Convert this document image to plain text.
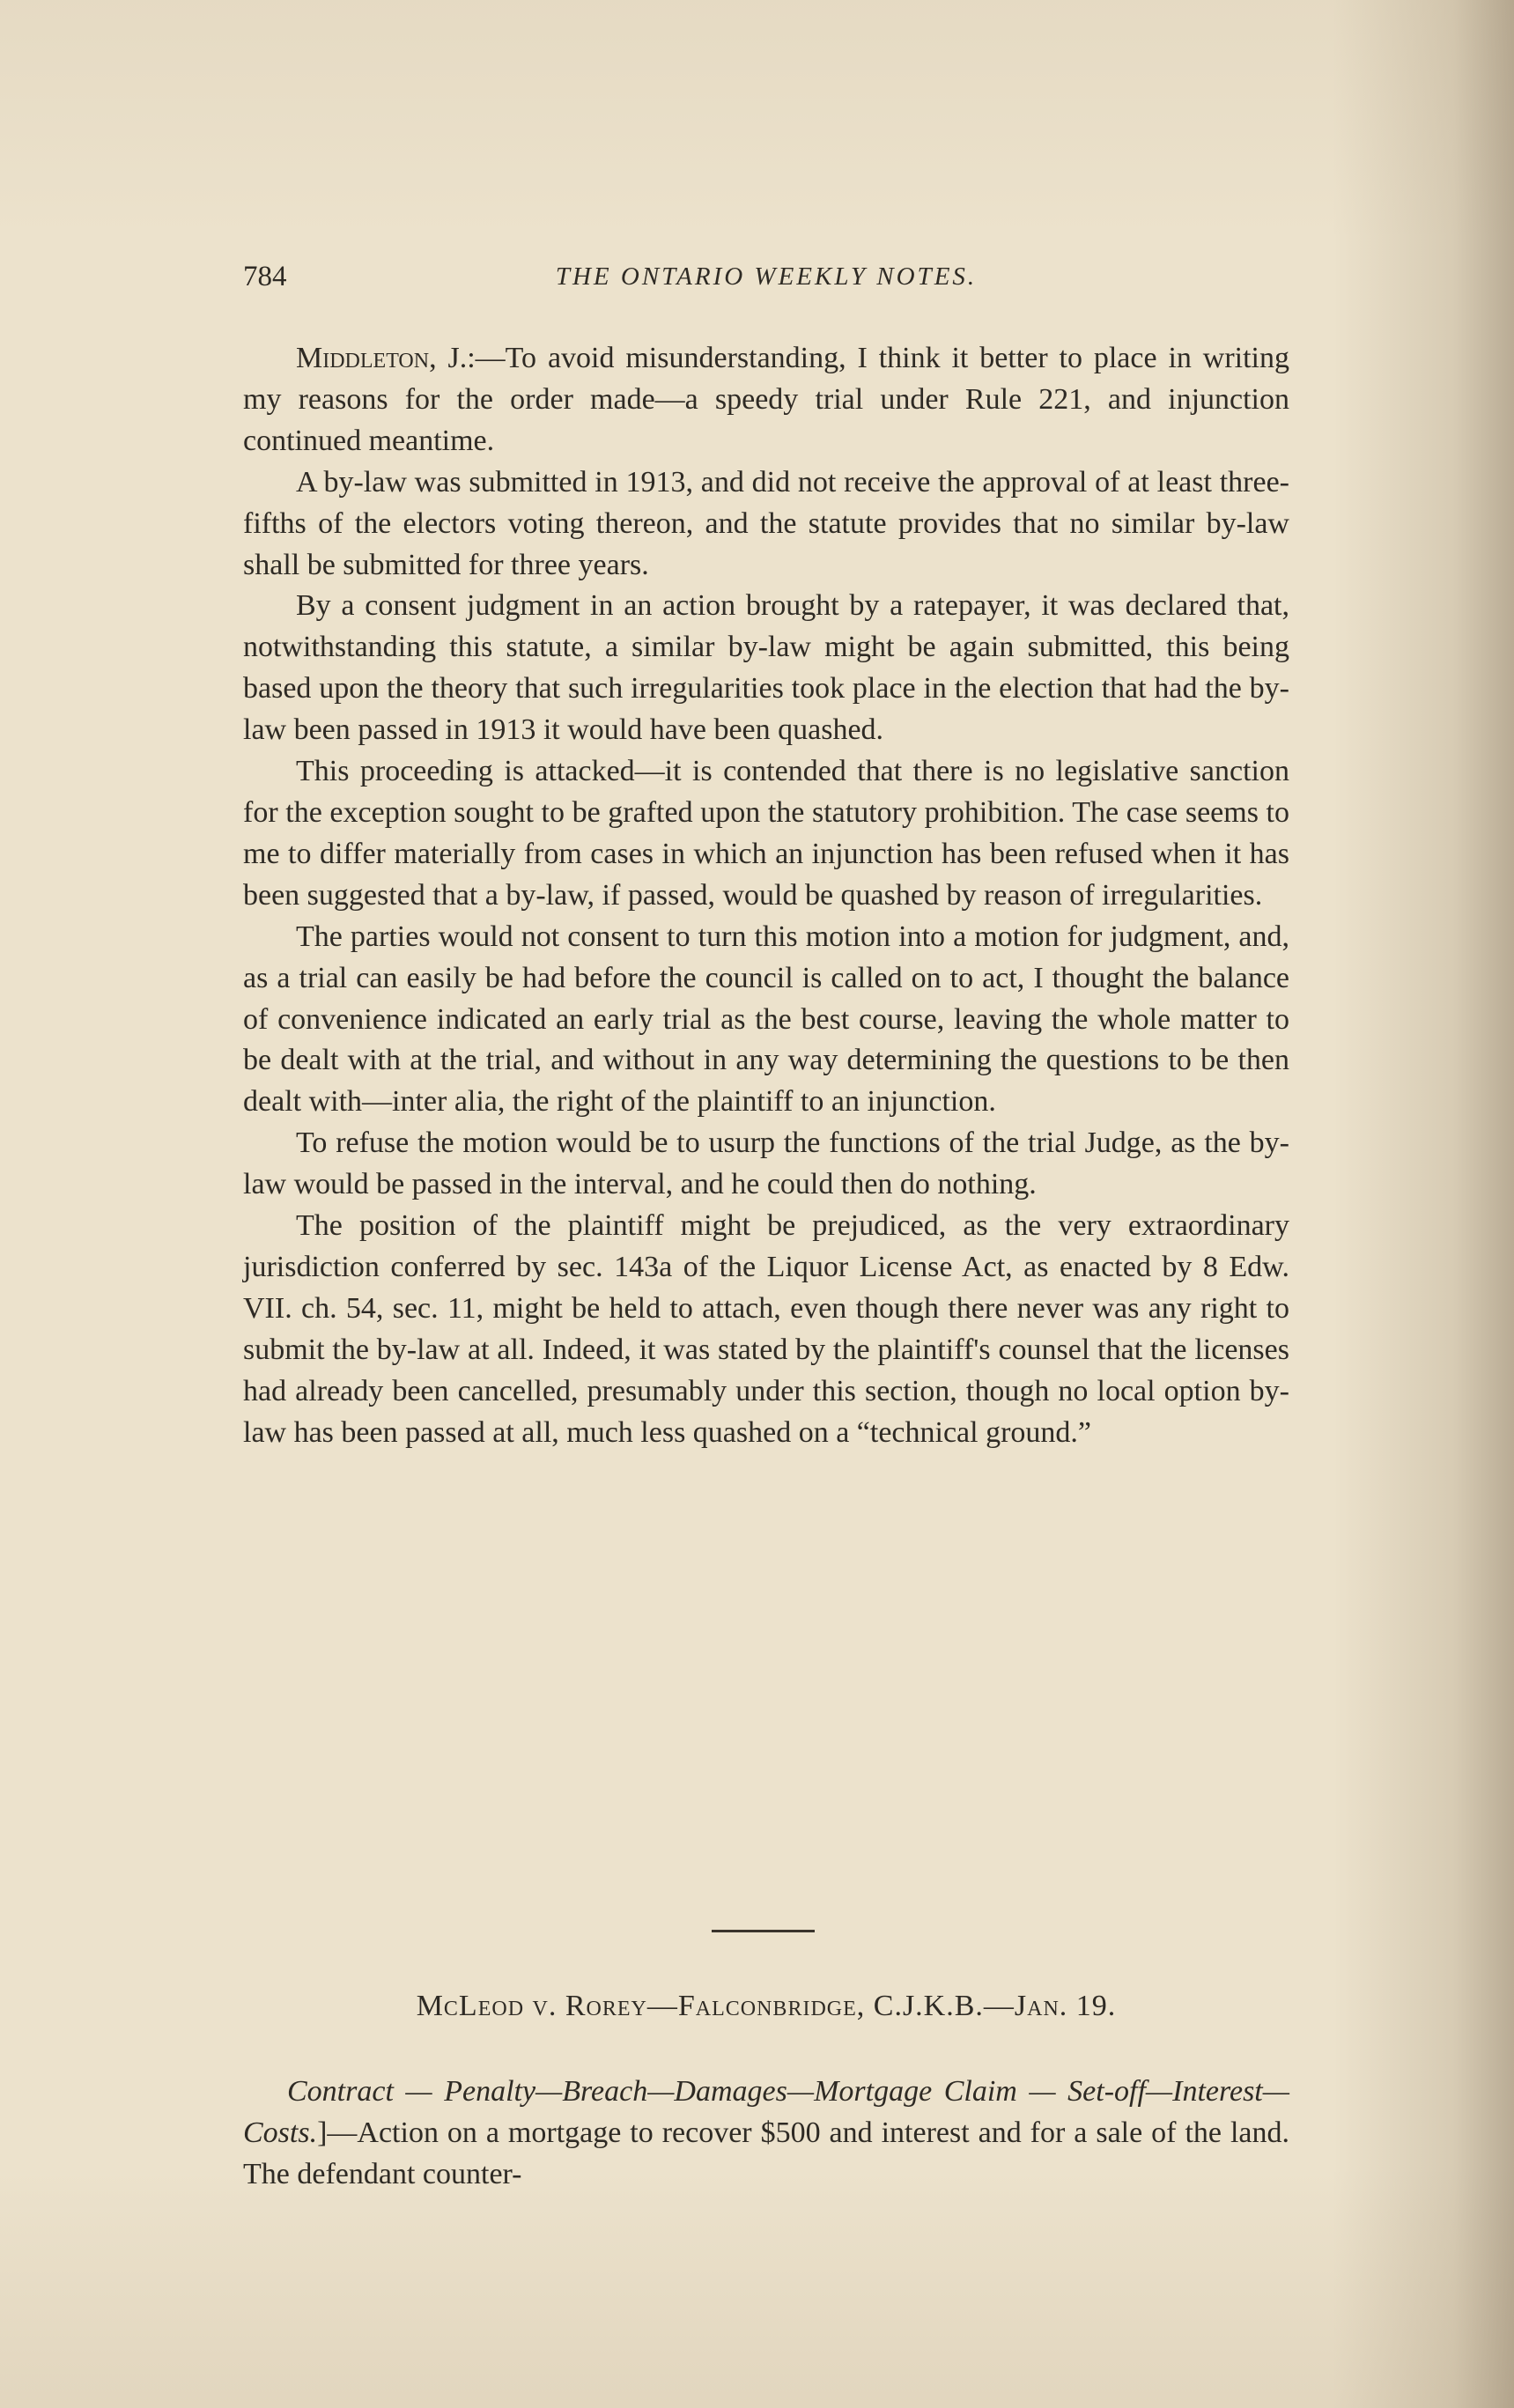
784	THE ONTARIO WEEKLY NOTES.

Middleton, J.:—To avoid misunderstanding, I think it better to place in writing my reasons for the order made—a speedy trial under Rule 221, and injunction continued meantime.

A by-law was submitted in 1913, and did not receive the approval of at least three-fifths of the electors voting thereon, and the statute provides that no similar by-law shall be submitted for three years.

By a consent judgment in an action brought by a ratepayer, it was declared that, notwithstanding this statute, a similar by-law might be again submitted, this being based upon the theory that such irregularities took place in the election that had the by-law been passed in 1913 it would have been quashed.

This proceeding is attacked—it is contended that there is no legislative sanction for the exception sought to be grafted upon the statutory prohibition. The case seems to me to differ materially from cases in which an injunction has been refused when it has been suggested that a by-law, if passed, would be quashed by reason of irregularities.

The parties would not consent to turn this motion into a motion for judgment, and, as a trial can easily be had before the council is called on to act, I thought the balance of convenience indicated an early trial as the best course, leaving the whole matter to be dealt with at the trial, and without in any way determining the questions to be then dealt with—inter alia, the right of the plaintiff to an injunction.

To refuse the motion would be to usurp the functions of the trial Judge, as the by-law would be passed in the interval, and he could then do nothing.

The position of the plaintiff might be prejudiced, as the very extraordinary jurisdiction conferred by sec. 143a of the Liquor License Act, as enacted by 8 Edw. VII. ch. 54, sec. 11, might be held to attach, even though there never was any right to submit the by-law at all. Indeed, it was stated by the plaintiff's counsel that the licenses had already been cancelled, presumably under this section, though no local option by-law has been passed at all, much less quashed on a “technical ground.”

McLeod v. Rorey—Falconbridge, C.J.K.B.—Jan. 19.

Contract — Penalty—Breach—Damages—Mortgage Claim — Set-off—Interest—Costs.]—Action on a mortgage to recover $500 and interest and for a sale of the land. The defendant counter-
